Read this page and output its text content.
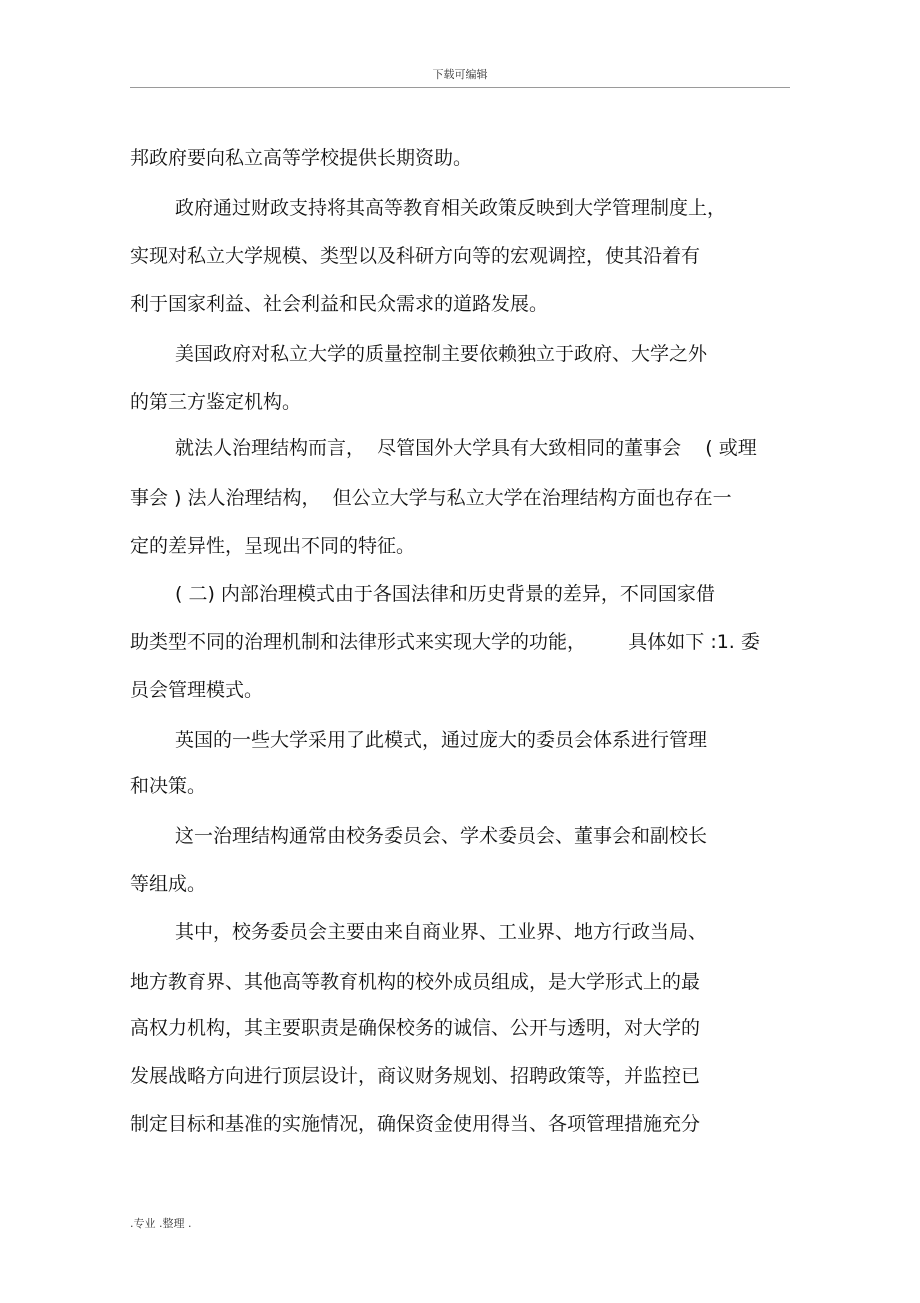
下载可编辑
邦政府要向私立高等学校提供长期资助。
政府通过财政支持将其高等教育相关政策反映到大学管理制度上，
实现对私立大学规模、类型以及科研方向等的宏观调控，使其沿着有
利于国家利益、社会利益和民众需求的道路发展。
美国政府对私立大学的质量控制主要依赖独立于政府、大学之外
的第三方鉴定机构。
就法人治理结构而言，  尽管国外大学具有大致相同的董事会    ( 或理
事会 ) 法人治理结构，  但公立大学与私立大学在治理结构方面也存在一
定的差异性，呈现出不同的特征。
( 二) 内部治理模式由于各国法律和历史背景的差异，不同国家借
助类型不同的治理机制和法律形式来实现大学的功能，       具体如下 :1. 委
员会管理模式。
英国的一些大学采用了此模式，通过庞大的委员会体系进行管理
和决策。
这一治理结构通常由校务委员会、学术委员会、董事会和副校长
等组成。
其中，校务委员会主要由来自商业界、工业界、地方行政当局、
地方教育界、其他高等教育机构的校外成员组成，是大学形式上的最
高权力机构，其主要职责是确保校务的诚信、公开与透明，对大学的
发展战略方向进行顶层设计，商议财务规划、招聘政策等，并监控已
制定目标和基准的实施情况，确保资金使用得当、各项管理措施充分
.专业 .整理 .
